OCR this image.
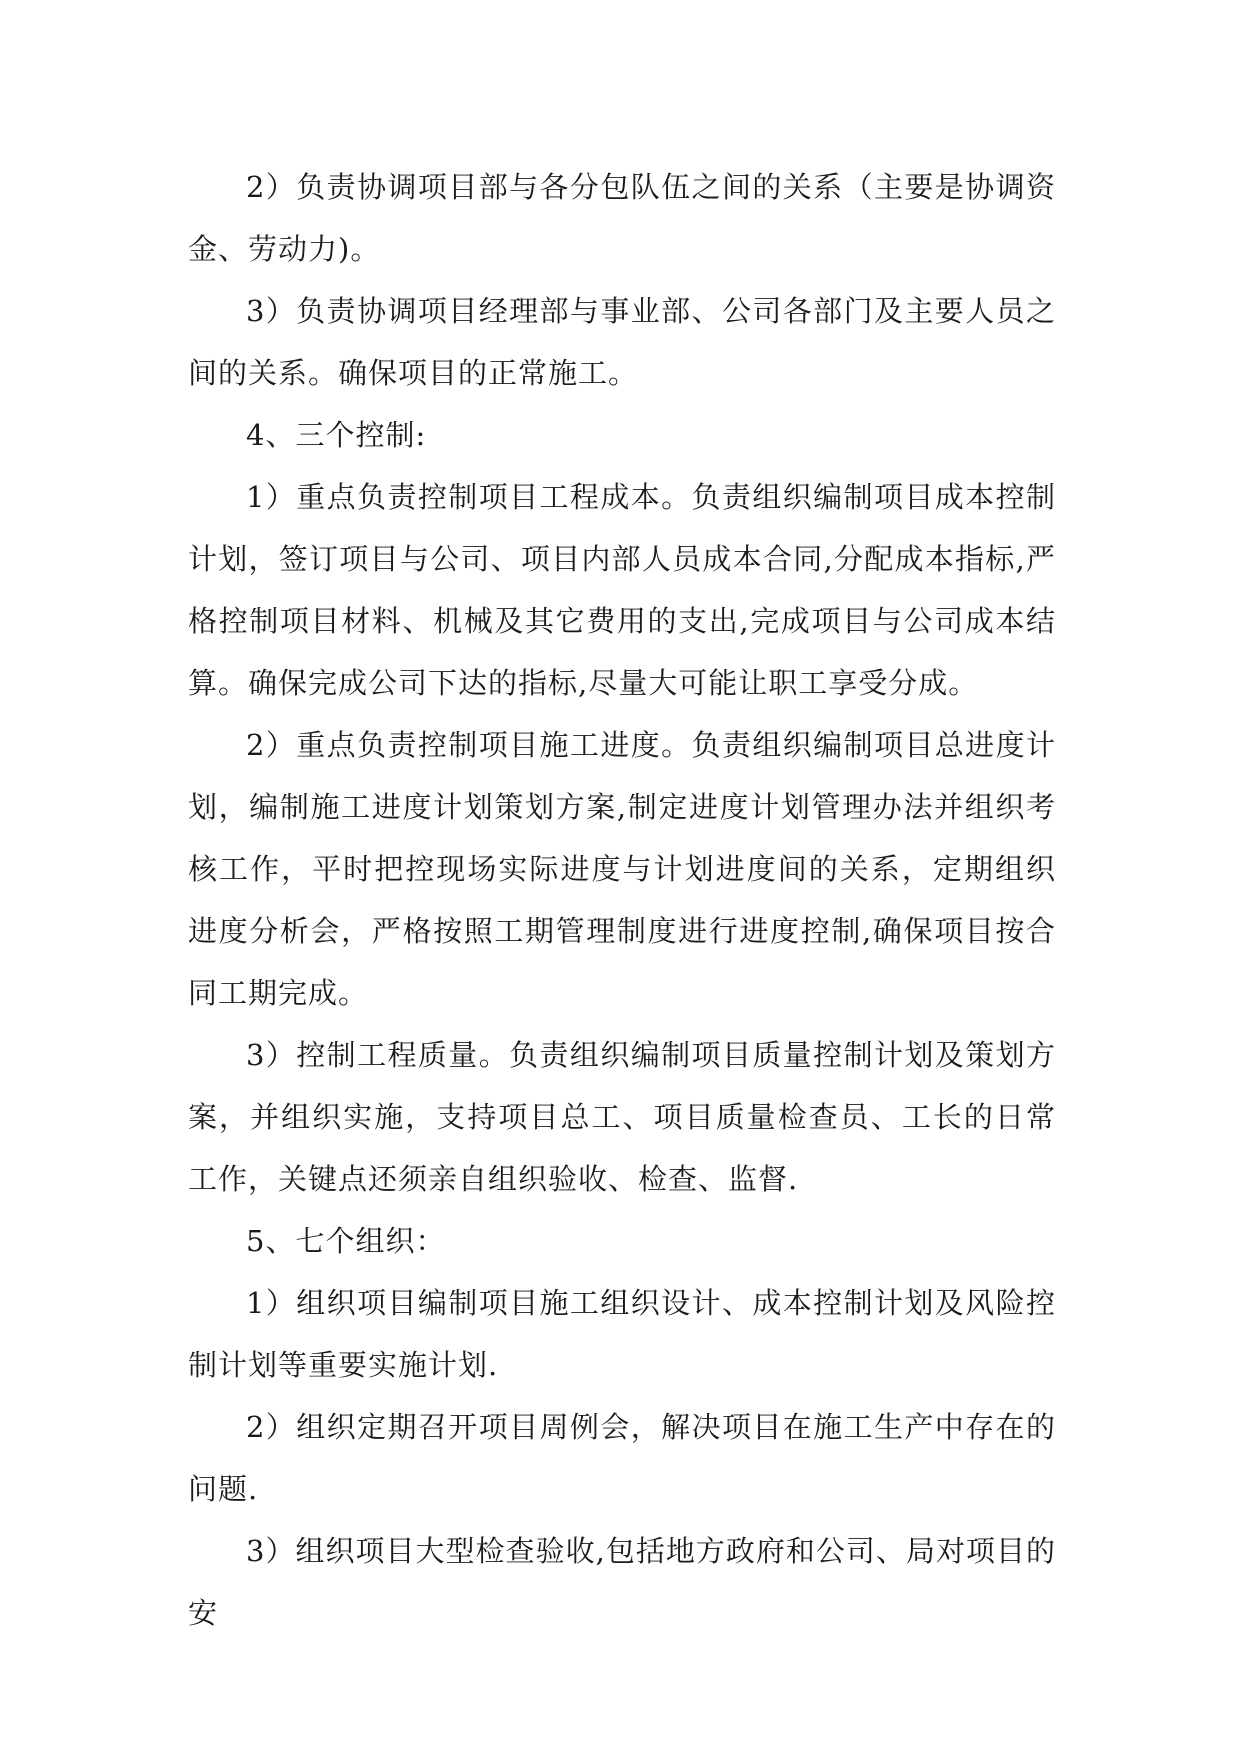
2）负责协调项目部与各分包队伍之间的关系（主要是协调资金、劳动力)。

3）负责协调项目经理部与事业部、公司各部门及主要人员之间的关系。确保项目的正常施工。

4、三个控制:

1）重点负责控制项目工程成本。负责组织编制项目成本控制计划，签订项目与公司、项目内部人员成本合同,分配成本指标,严格控制项目材料、机械及其它费用的支出,完成项目与公司成本结算。确保完成公司下达的指标,尽量大可能让职工享受分成。

2）重点负责控制项目施工进度。负责组织编制项目总进度计划，编制施工进度计划策划方案,制定进度计划管理办法并组织考核工作，平时把控现场实际进度与计划进度间的关系，定期组织进度分析会，严格按照工期管理制度进行进度控制,确保项目按合同工期完成。

3）控制工程质量。负责组织编制项目质量控制计划及策划方案，并组织实施，支持项目总工、项目质量检查员、工长的日常工作，关键点还须亲自组织验收、检查、监督.

5、七个组织：

1）组织项目编制项目施工组织设计、成本控制计划及风险控制计划等重要实施计划.

2）组织定期召开项目周例会，解决项目在施工生产中存在的问题.

3）组织项目大型检查验收,包括地方政府和公司、局对项目的安
